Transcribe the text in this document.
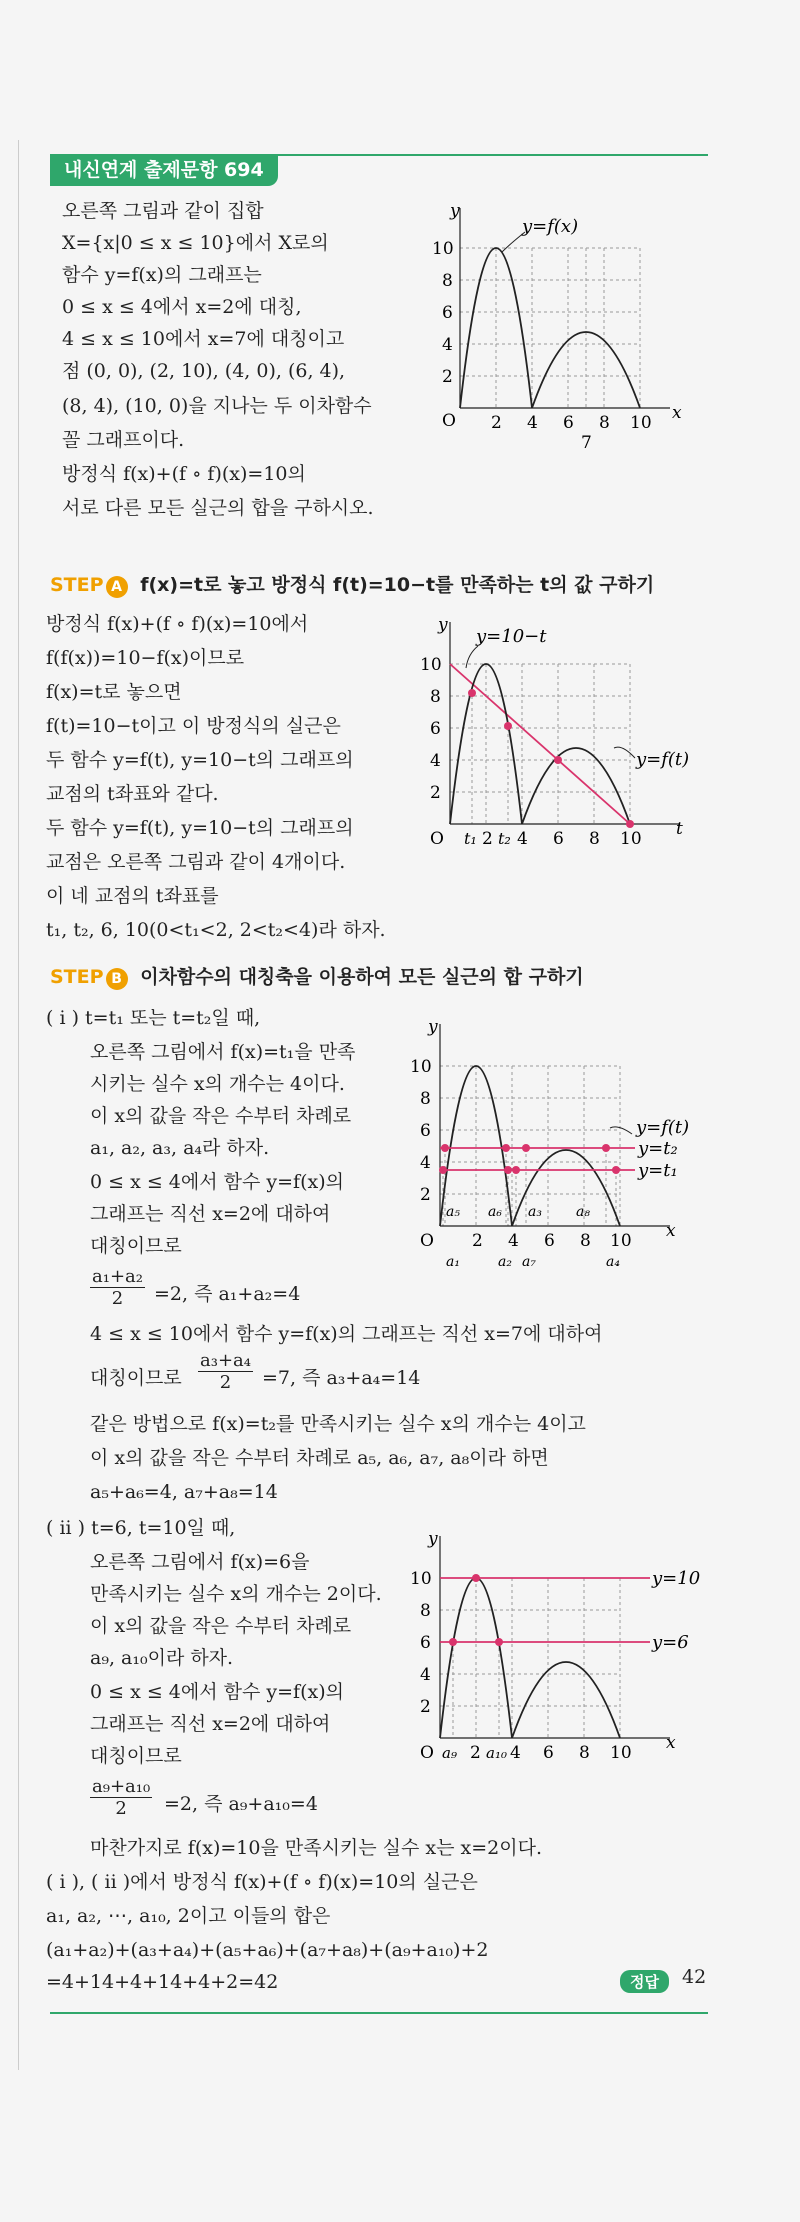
내신연계 출제문항 694
오른쪽 그림과 같이 집합
X={x|0 ≤ x ≤ 10}에서 X로의
함수 y=f(x)의 그래프는
0 ≤ x ≤ 4에서 x=2에 대칭,
4 ≤ x ≤ 10에서 x=7에 대칭이고
점 (0, 0), (2, 10), (4, 0), (6, 4),
(8, 4), (10, 0)을 지나는 두 이차함수
꼴 그래프이다.
방정식 f(x)+(f ∘ f)(x)=10의
서로 다른 모든 실근의 합을 구하시오.
y
x
O
y=f(x)
10
8
6
4
2
2 4 6 8 10
7
STEP A f(x)=t로 놓고 방정식 f(t)=10−t를 만족하는 t의 값 구하기
방정식 f(x)+(f ∘ f)(x)=10에서
f(f(x))=10−f(x)이므로
f(x)=t로 놓으면
f(t)=10−t이고 이 방정식의 실근은
두 함수 y=f(t), y=10−t의 그래프의
교점의 t좌표와 같다.
두 함수 y=f(t), y=10−t의 그래프의
교점은 오른쪽 그림과 같이 4개이다.
이 네 교점의 t좌표를
t₁, t₂, 6, 10(0<t₁<2, 2<t₂<4)라 하자.
y
t
O
y=10−t
y=f(t)
10
8
6
4
2
t₁ 2 t₂ 4 6 8 10
STEP B 이차함수의 대칭축을 이용하여 모든 실근의 합 구하기
( i ) t=t₁ 또는 t=t₂일 때,
오른쪽 그림에서 f(x)=t₁을 만족
시키는 실수 x의 개수는 4이다.
이 x의 값을 작은 수부터 차례로
a₁, a₂, a₃, a₄라 하자.
0 ≤ x ≤ 4에서 함수 y=f(x)의
그래프는 직선 x=2에 대하여
대칭이므로
$\frac{\text{a₁+a₂}}{2} =2$, 즉 a₁+a₂=4
4 ≤ x ≤ 10에서 함수 y=f(x)의 그래프는 직선 x=7에 대하여
대칭이므로 $\frac{\text{a₃+a₄}}{2} =7$, 즉 a₃+a₄=14
같은 방법으로 f(x)=t₂를 만족시키는 실수 x의 개수는 4이고
이 x의 값을 작은 수부터 차례로 a₅, a₆, a₇, a₈이라 하면
a₅+a₆=4, a₇+a₈=14
y
x
O
10
8
6
4
2
2 4 6 8 10
y=f(t)
y=t₂
y=t₁
a₅ a₆ a₃ a₈
a₁	a₂ a₇	a₄
( ii ) t=6, t=10일 때,
오른쪽 그림에서 f(x)=6을
만족시키는 실수 x의 개수는 2이다.
이 x의 값을 작은 수부터 차례로
a₉, a₁₀이라 하자.
0 ≤ x ≤ 4에서 함수 y=f(x)의
그래프는 직선 x=2에 대하여
대칭이므로
$\frac{\text{a₉+a₁₀}}{2} =2$, 즉 a₉+a₁₀=4
y
x
O
10
8
6
4
2
a₉ 2 a₁₀ 4 6 8 10
y=10
y=6
마찬가지로 f(x)=10을 만족시키는 실수 x는 x=2이다.
( i ), ( ii )에서 방정식 f(x)+(f ∘ f)(x)=10의 실근은
a₁, a₂, ⋯, a₁₀, 2이고 이들의 합은
(a₁+a₂)+(a₃+a₄)+(a₅+a₆)+(a₇+a₈)+(a₉+a₁₀)+2
=4+14+4+14+4+2=42	정답	42
